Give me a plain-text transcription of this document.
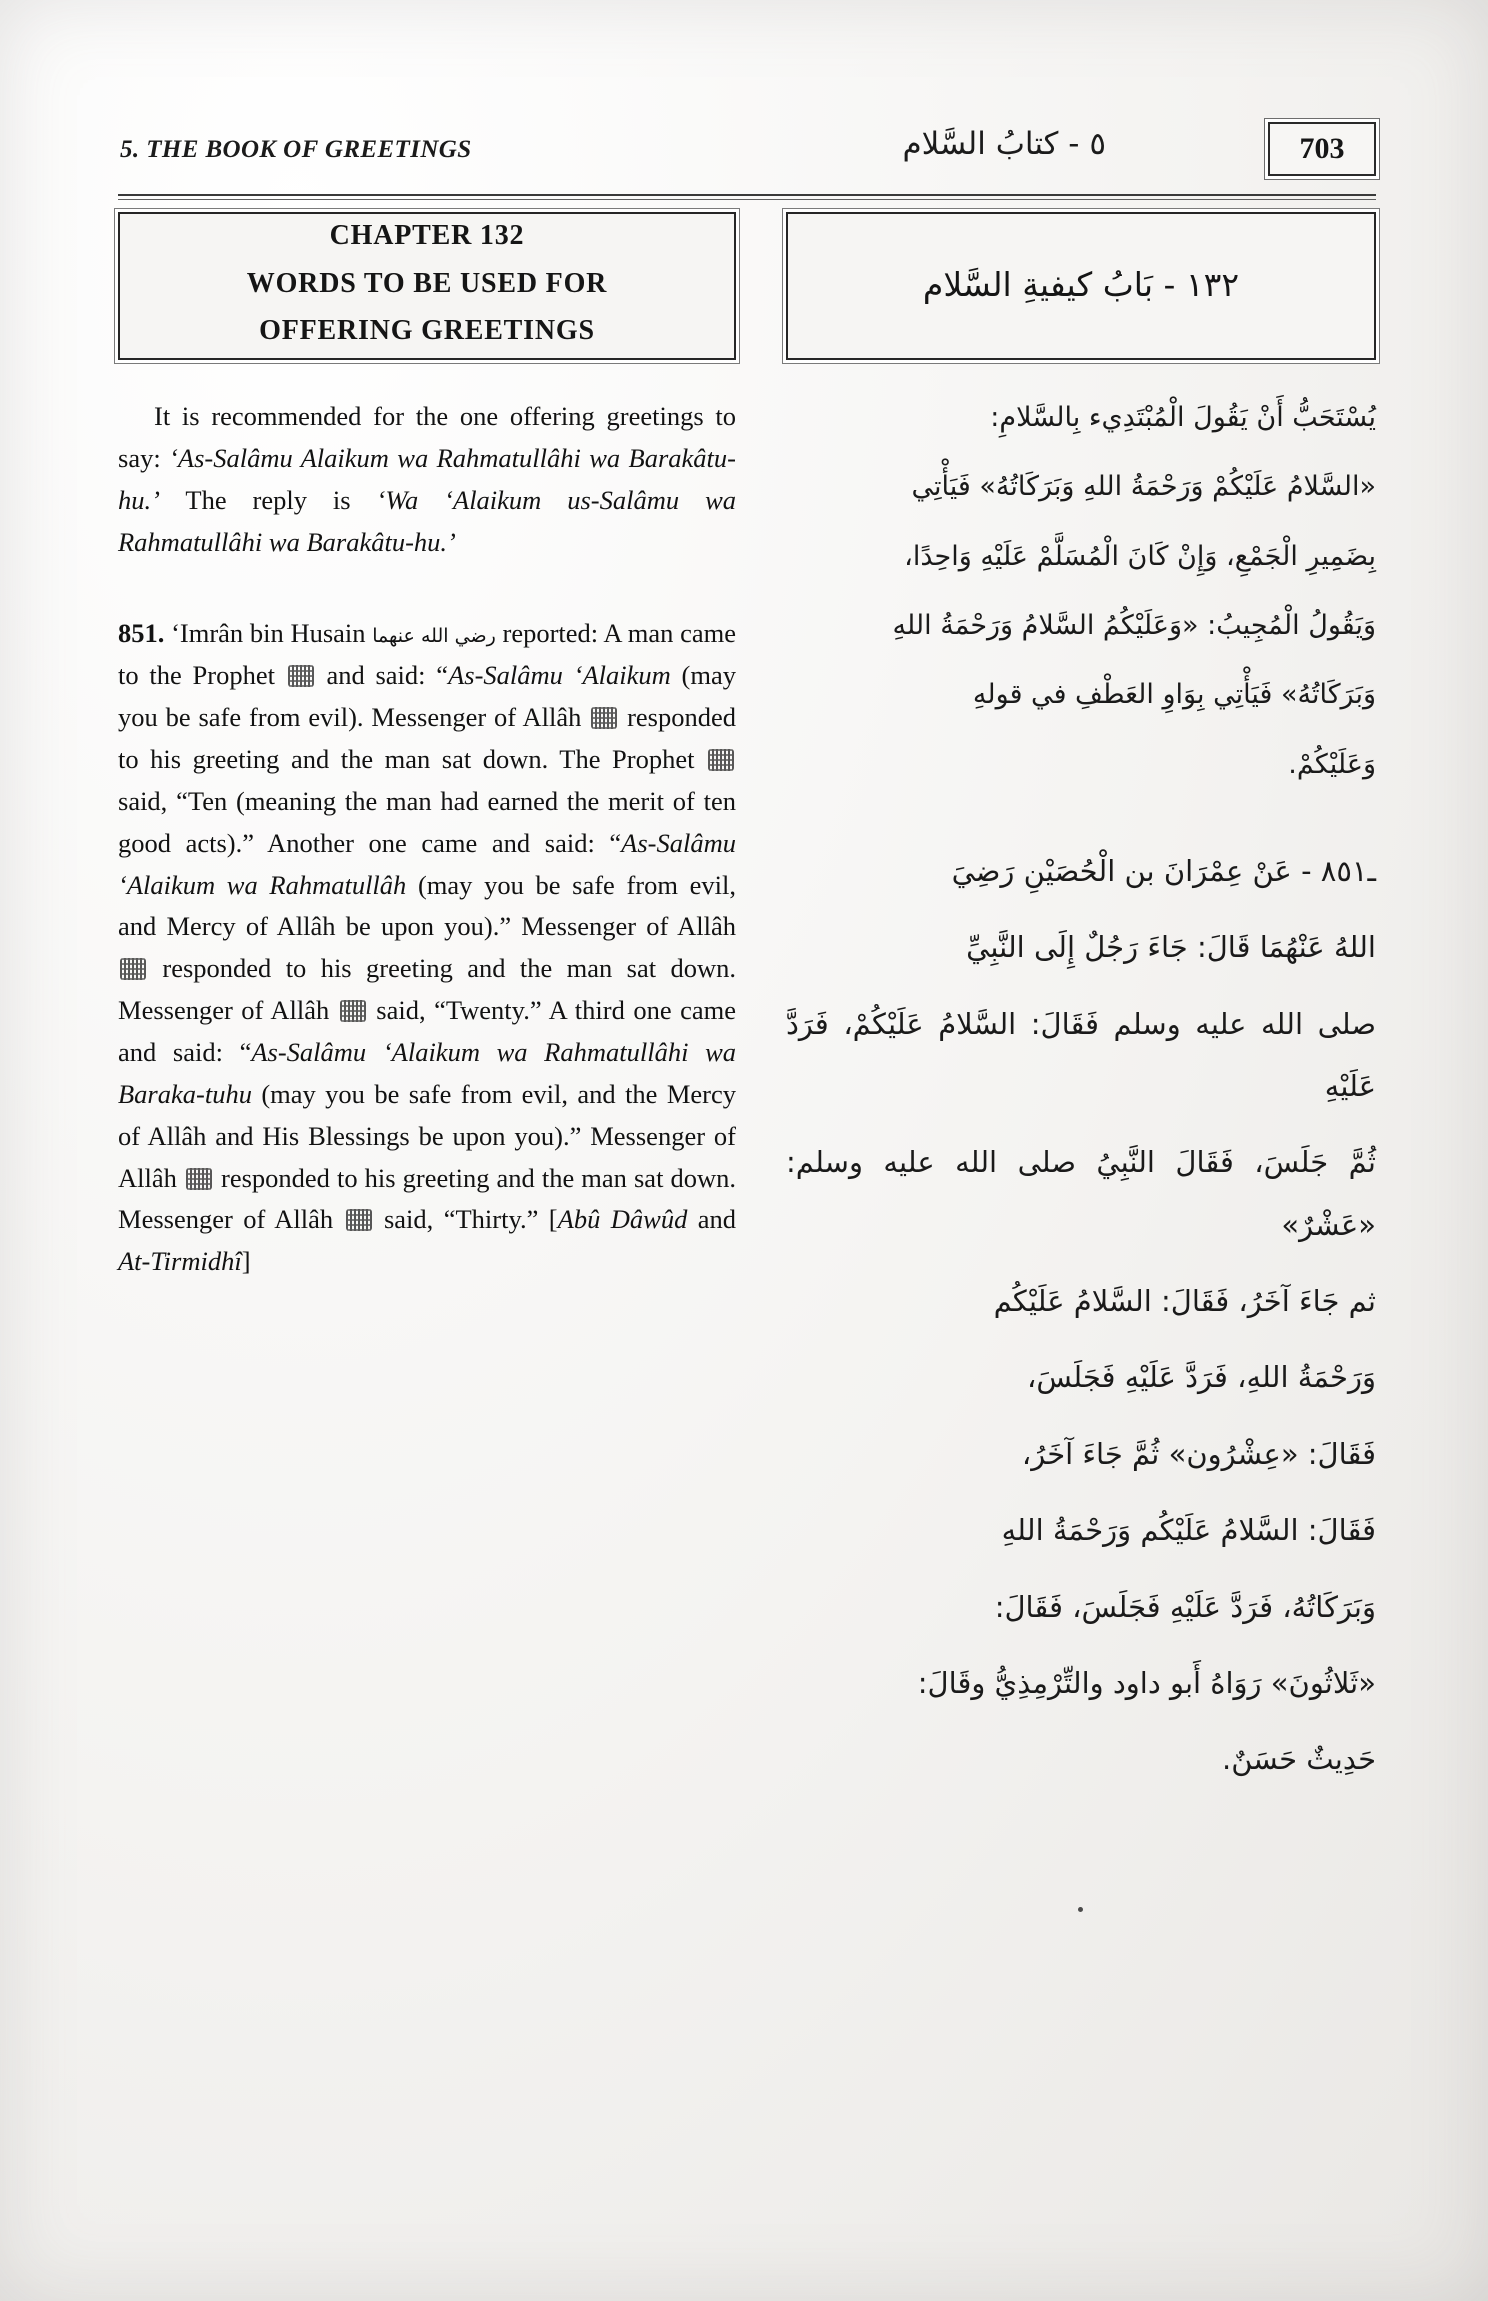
5. THE BOOK OF GREETINGS	٥ - كتابُ السَّلام	703
CHAPTER 132
WORDS TO BE USED FOR
OFFERING GREETINGS

It is recommended for the one offering greetings to say: ‘As-Salâmu Alaikum wa Rahmatullâhi wa Barakâtu-hu.’ The reply is ‘Wa ‘Alaikum us-Salâmu wa Rahmatullâhi wa Barakâtu-hu.’

851. ‘Imrân bin Husain رضي الله عنهما reported: A man came to the Prophet  and said: “As-Salâmu ‘Alaikum (may you be safe from evil). Messenger of Allâh  responded to his greeting and the man sat down. The Prophet  said, “Ten (meaning the man had earned the merit of ten good acts).” Another one came and said: “As-Salâmu ‘Alaikum wa Rahmatullâh (may you be safe from evil, and Mercy of Allâh be upon you).” Messenger of Allâh  responded to his greeting and the man sat down. Messenger of Allâh  said, “Twenty.” A third one came and said: “As-Salâmu ‘Alaikum wa Rahmatullâhi wa Baraka-tuhu (may you be safe from evil, and the Mercy of Allâh and His Blessings be upon you).” Messenger of Allâh  responded to his greeting and the man sat down. Messenger of Allâh  said, “Thirty.” [Abû Dâwûd and At-Tirmidhî]

١٣٢ - بَابُ كيفيةِ السَّلام

يُسْتَحَبُّ أَنْ يَقُولَ الْمُبْتَدِيء بِالسَّلامِ:

«السَّلامُ عَلَيْكُمْ وَرَحْمَةُ اللهِ وَبَرَكَاتُهُ» فَيَأْتِي

بِضَمِيرِ الْجَمْعِ، وَإِنْ كَانَ الْمُسَلَّمْ عَلَيْهِ وَاحِدًا،

وَيَقُولُ الْمُجِيبُ: «وَعَلَيْكُمُ السَّلامُ وَرَحْمَةُ اللهِ

وَبَرَكَاتُهُ» فَيَأْتِي بِوَاوِ العَطْفِ في قولهِ

وَعَلَيْكُمْ.

ـ٨٥١ - عَنْ عِمْرَانَ بن الْحُصَيْنِ رَضِيَ

اللهُ عَنْهُمَا قَالَ: جَاءَ رَجُلٌ إِلَى النَّبِيِّ

صلى الله عليه وسلم فَقَالَ: السَّلامُ عَلَيْكُمْ، فَرَدَّ عَلَيْهِ

ثُمَّ جَلَسَ، فَقَالَ النَّبِيُ صلى الله عليه وسلم: «عَشْرٌ»

ثم جَاءَ آخَرُ، فَقَالَ: السَّلامُ عَلَيْكُم

وَرَحْمَةُ اللهِ، فَرَدَّ عَلَيْهِ فَجَلَسَ،

فَقَالَ: «عِشْرُون» ثُمَّ جَاءَ آخَرُ،

فَقَالَ: السَّلامُ عَلَيْكُم وَرَحْمَةُ اللهِ

وَبَرَكَاتُهُ، فَرَدَّ عَلَيْهِ فَجَلَسَ، فَقَالَ:

«ثَلاثُونَ» رَوَاهُ أَبو داود والتِّرْمِذِيُّ وقَالَ:

حَدِيثٌ حَسَنٌ.
